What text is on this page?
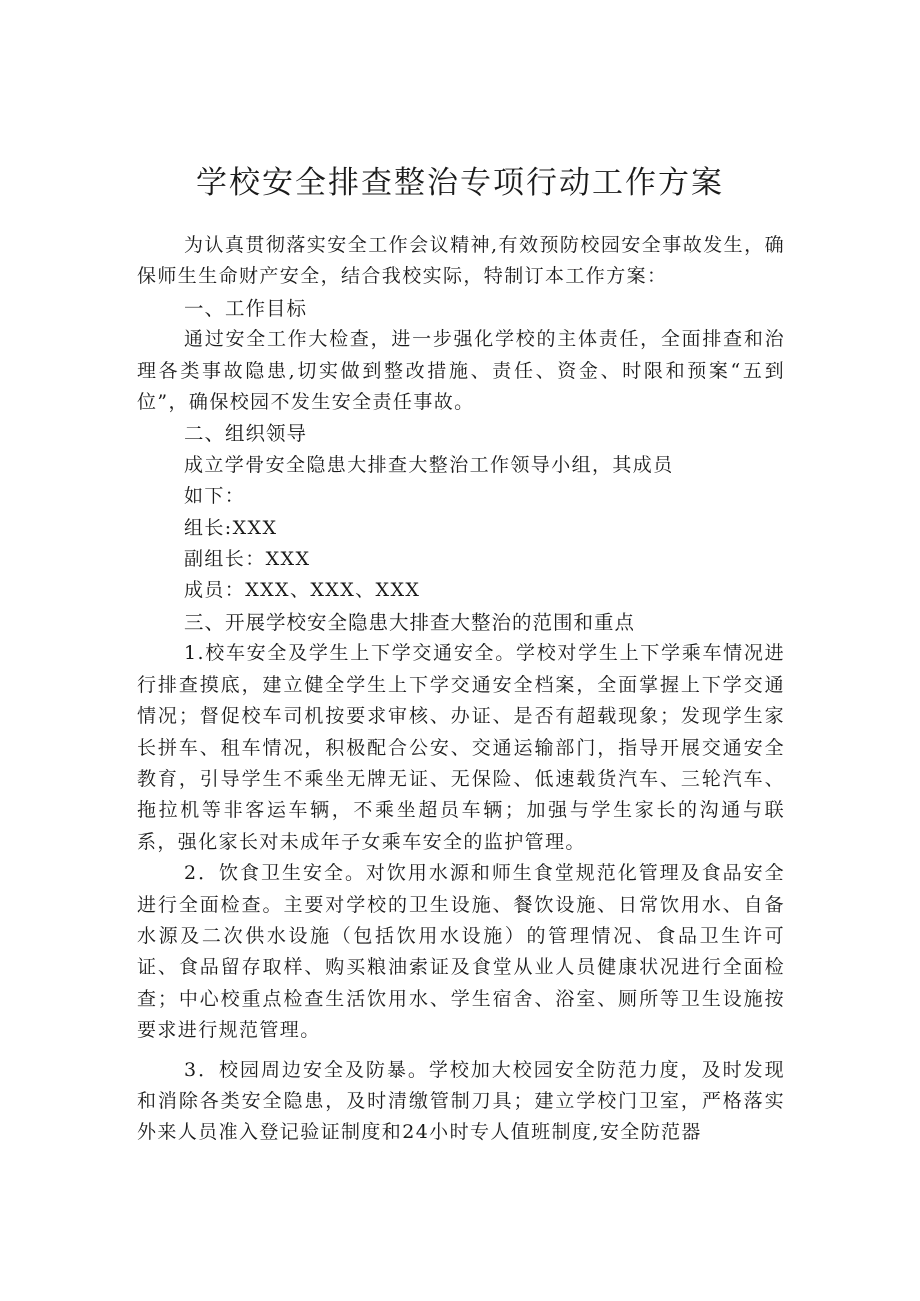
学校安全排查整治专项行动工作方案

为认真贯彻落实安全工作会议精神,有效预防校园安全事故发生，确保师生生命财产安全，结合我校实际，特制订本工作方案：

一、工作目标

通过安全工作大检查，进一步强化学校的主体责任，全面排查和治理各类事故隐患,切实做到整改措施、责任、资金、时限和预案“五到位”，确保校园不发生安全责任事故。

二、组织领导

成立学骨安全隐患大排查大整治工作领导小组，其成员

如下：

组长:XXX

副组长：XXX

成员：XXX、XXX、XXX

三、开展学校安全隐患大排查大整治的范围和重点

1.校车安全及学生上下学交通安全。学校对学生上下学乘车情况进行排查摸底，建立健全学生上下学交通安全档案，全面掌握上下学交通情况；督促校车司机按要求审核、办证、是否有超载现象；发现学生家长拼车、租车情况，积极配合公安、交通运输部门，指导开展交通安全教育，引导学生不乘坐无牌无证、无保险、低速载货汽车、三轮汽车、拖拉机等非客运车辆，不乘坐超员车辆；加强与学生家长的沟通与联系，强化家长对未成年子女乘车安全的监护管理。

2．饮食卫生安全。对饮用水源和师生食堂规范化管理及食品安全进行全面检查。主要对学校的卫生设施、餐饮设施、日常饮用水、自备水源及二次供水设施（包括饮用水设施）的管理情况、食品卫生许可证、食品留存取样、购买粮油索证及食堂从业人员健康状况进行全面检查；中心校重点检查生活饮用水、学生宿舍、浴室、厕所等卫生设施按要求进行规范管理。

3．校园周边安全及防暴。学校加大校园安全防范力度，及时发现和消除各类安全隐患，及时清缴管制刀具；建立学校门卫室，严格落实外来人员准入登记验证制度和24小时专人值班制度,安全防范器
